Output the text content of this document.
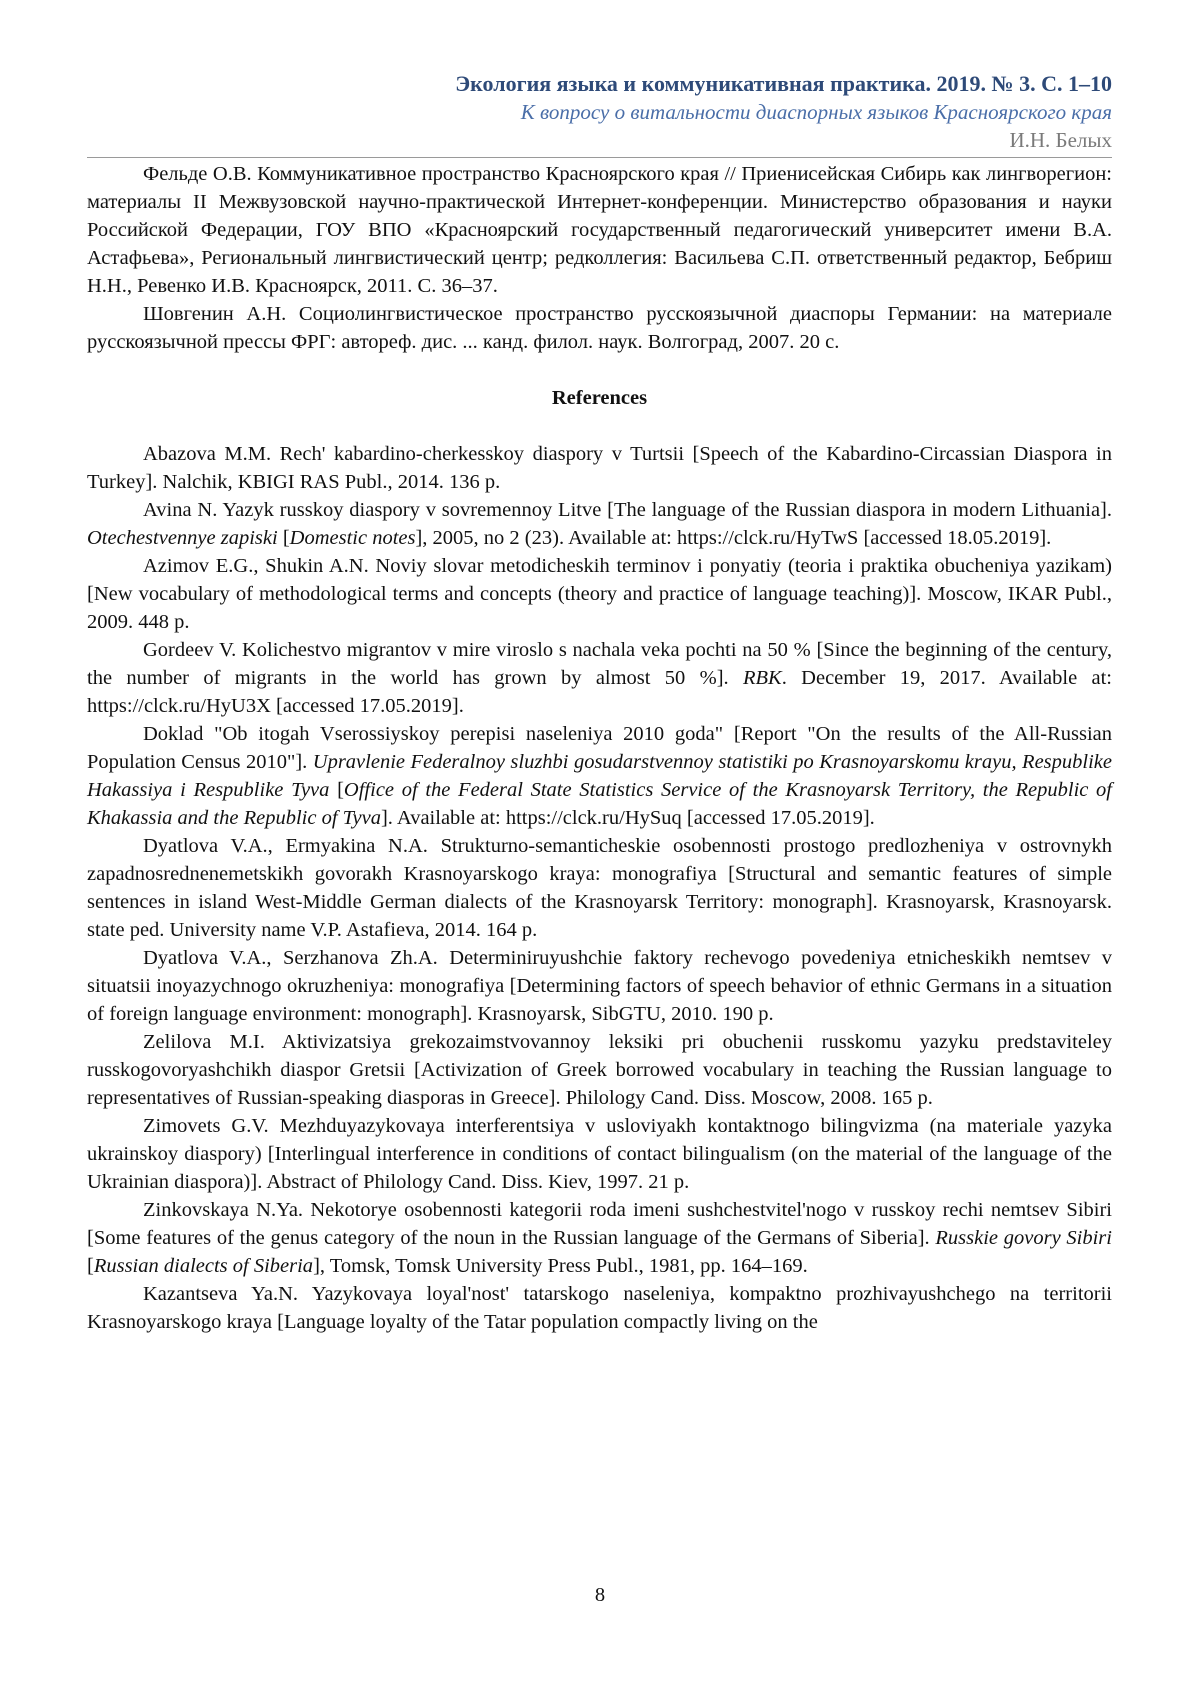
Экология языка и коммуникативная практика. 2019. № 3. С. 1–10
К вопросу о витальности диаспорных языков Красноярского края
И.Н. Белых

Фельде О.В. Коммуникативное пространство Красноярского края // Приенисейская Сибирь как лингворегион: материалы II Межвузовской научно-практической Интернет-конференции. Министерство образования и науки Российской Федерации, ГОУ ВПО «Красноярский государственный педагогический университет имени В.А. Астафьева», Региональный лингвистический центр; редколлегия: Васильева С.П. ответственный редактор, Бебриш Н.Н., Ревенко И.В. Красноярск, 2011. С. 36–37.

Шовгенин А.Н. Социолингвистическое пространство русскоязычной диаспоры Германии: на материале русскоязычной прессы ФРГ: автореф. дис. ... канд. филол. наук. Волгоград, 2007. 20 с.

References

Abazova M.M. Rech' kabardino-cherkesskoy diaspory v Turtsii [Speech of the Kabardino-Circassian Diaspora in Turkey]. Nalchik, KBIGI RAS Publ., 2014. 136 p.

Avina N. Yazyk russkoy diaspory v sovremennoy Litve [The language of the Russian diaspora in modern Lithuania]. Otechestvennye zapiski [Domestic notes], 2005, no 2 (23). Available at: https://clck.ru/HyTwS [accessed 18.05.2019].

Azimov E.G., Shukin A.N. Noviy slovar metodicheskih terminov i ponyatiy (teoria i praktika obucheniya yazikam) [New vocabulary of methodological terms and concepts (theory and practice of language teaching)]. Moscow, IKAR Publ., 2009. 448 p.

Gordeev V. Kolichestvo migrantov v mire viroslo s nachala veka pochti na 50 % [Since the beginning of the century, the number of migrants in the world has grown by almost 50 %]. RBK. December 19, 2017. Available at: https://clck.ru/HyU3X [accessed 17.05.2019].

Doklad "Ob itogah Vserossiyskoy perepisi naseleniya 2010 goda" [Report "On the results of the All-Russian Population Census 2010"]. Upravlenie Federalnoy sluzhbi gosudarstvennoy statistiki po Krasnoyarskomu krayu, Respublike Hakassiya i Respublike Tyva [Office of the Federal State Statistics Service of the Krasnoyarsk Territory, the Republic of Khakassia and the Republic of Tyva]. Available at: https://clck.ru/HySuq [accessed 17.05.2019].

Dyatlova V.A., Ermyakina N.A. Strukturno-semanticheskie osobennosti prostogo predlozheniya v ostrovnykh zapadnosrednenemetskikh govorakh Krasnoyarskogo kraya: monografiya [Structural and semantic features of simple sentences in island West-Middle German dialects of the Krasnoyarsk Territory: monograph]. Krasnoyarsk, Krasnoyarsk. state ped. University name V.P. Astafieva, 2014. 164 p.

Dyatlova V.A., Serzhanova Zh.A. Determiniruyushchie faktory rechevogo povedeniya etnicheskikh nemtsev v situatsii inoyazychnogo okruzheniya: monografiya [Determining factors of speech behavior of ethnic Germans in a situation of foreign language environment: monograph]. Krasnoyarsk, SibGTU, 2010. 190 p.

Zelilova M.I. Aktivizatsiya grekozaimstvovannoy leksiki pri obuchenii russkomu yazyku predstaviteley russkogovoryashchikh diaspor Gretsii [Activization of Greek borrowed vocabulary in teaching the Russian language to representatives of Russian-speaking diasporas in Greece]. Philology Cand. Diss. Moscow, 2008. 165 p.

Zimovets G.V. Mezhduyazykovaya interferentsiya v usloviyakh kontaktnogo bilingvizma (na materiale yazyka ukrainskoy diaspory) [Interlingual interference in conditions of contact bilingualism (on the material of the language of the Ukrainian diaspora)]. Abstract of Philology Cand. Diss. Kiev, 1997. 21 p.

Zinkovskaya N.Ya. Nekotorye osobennosti kategorii roda imeni sushchestvitel'nogo v russkoy rechi nemtsev Sibiri [Some features of the genus category of the noun in the Russian language of the Germans of Siberia]. Russkie govory Sibiri [Russian dialects of Siberia], Tomsk, Tomsk University Press Publ., 1981, pp. 164–169.

Kazantseva Ya.N. Yazykovaya loyal'nost' tatarskogo naseleniya, kompaktno prozhivayushchego na territorii Krasnoyarskogo kraya [Language loyalty of the Tatar population compactly living on the

8
